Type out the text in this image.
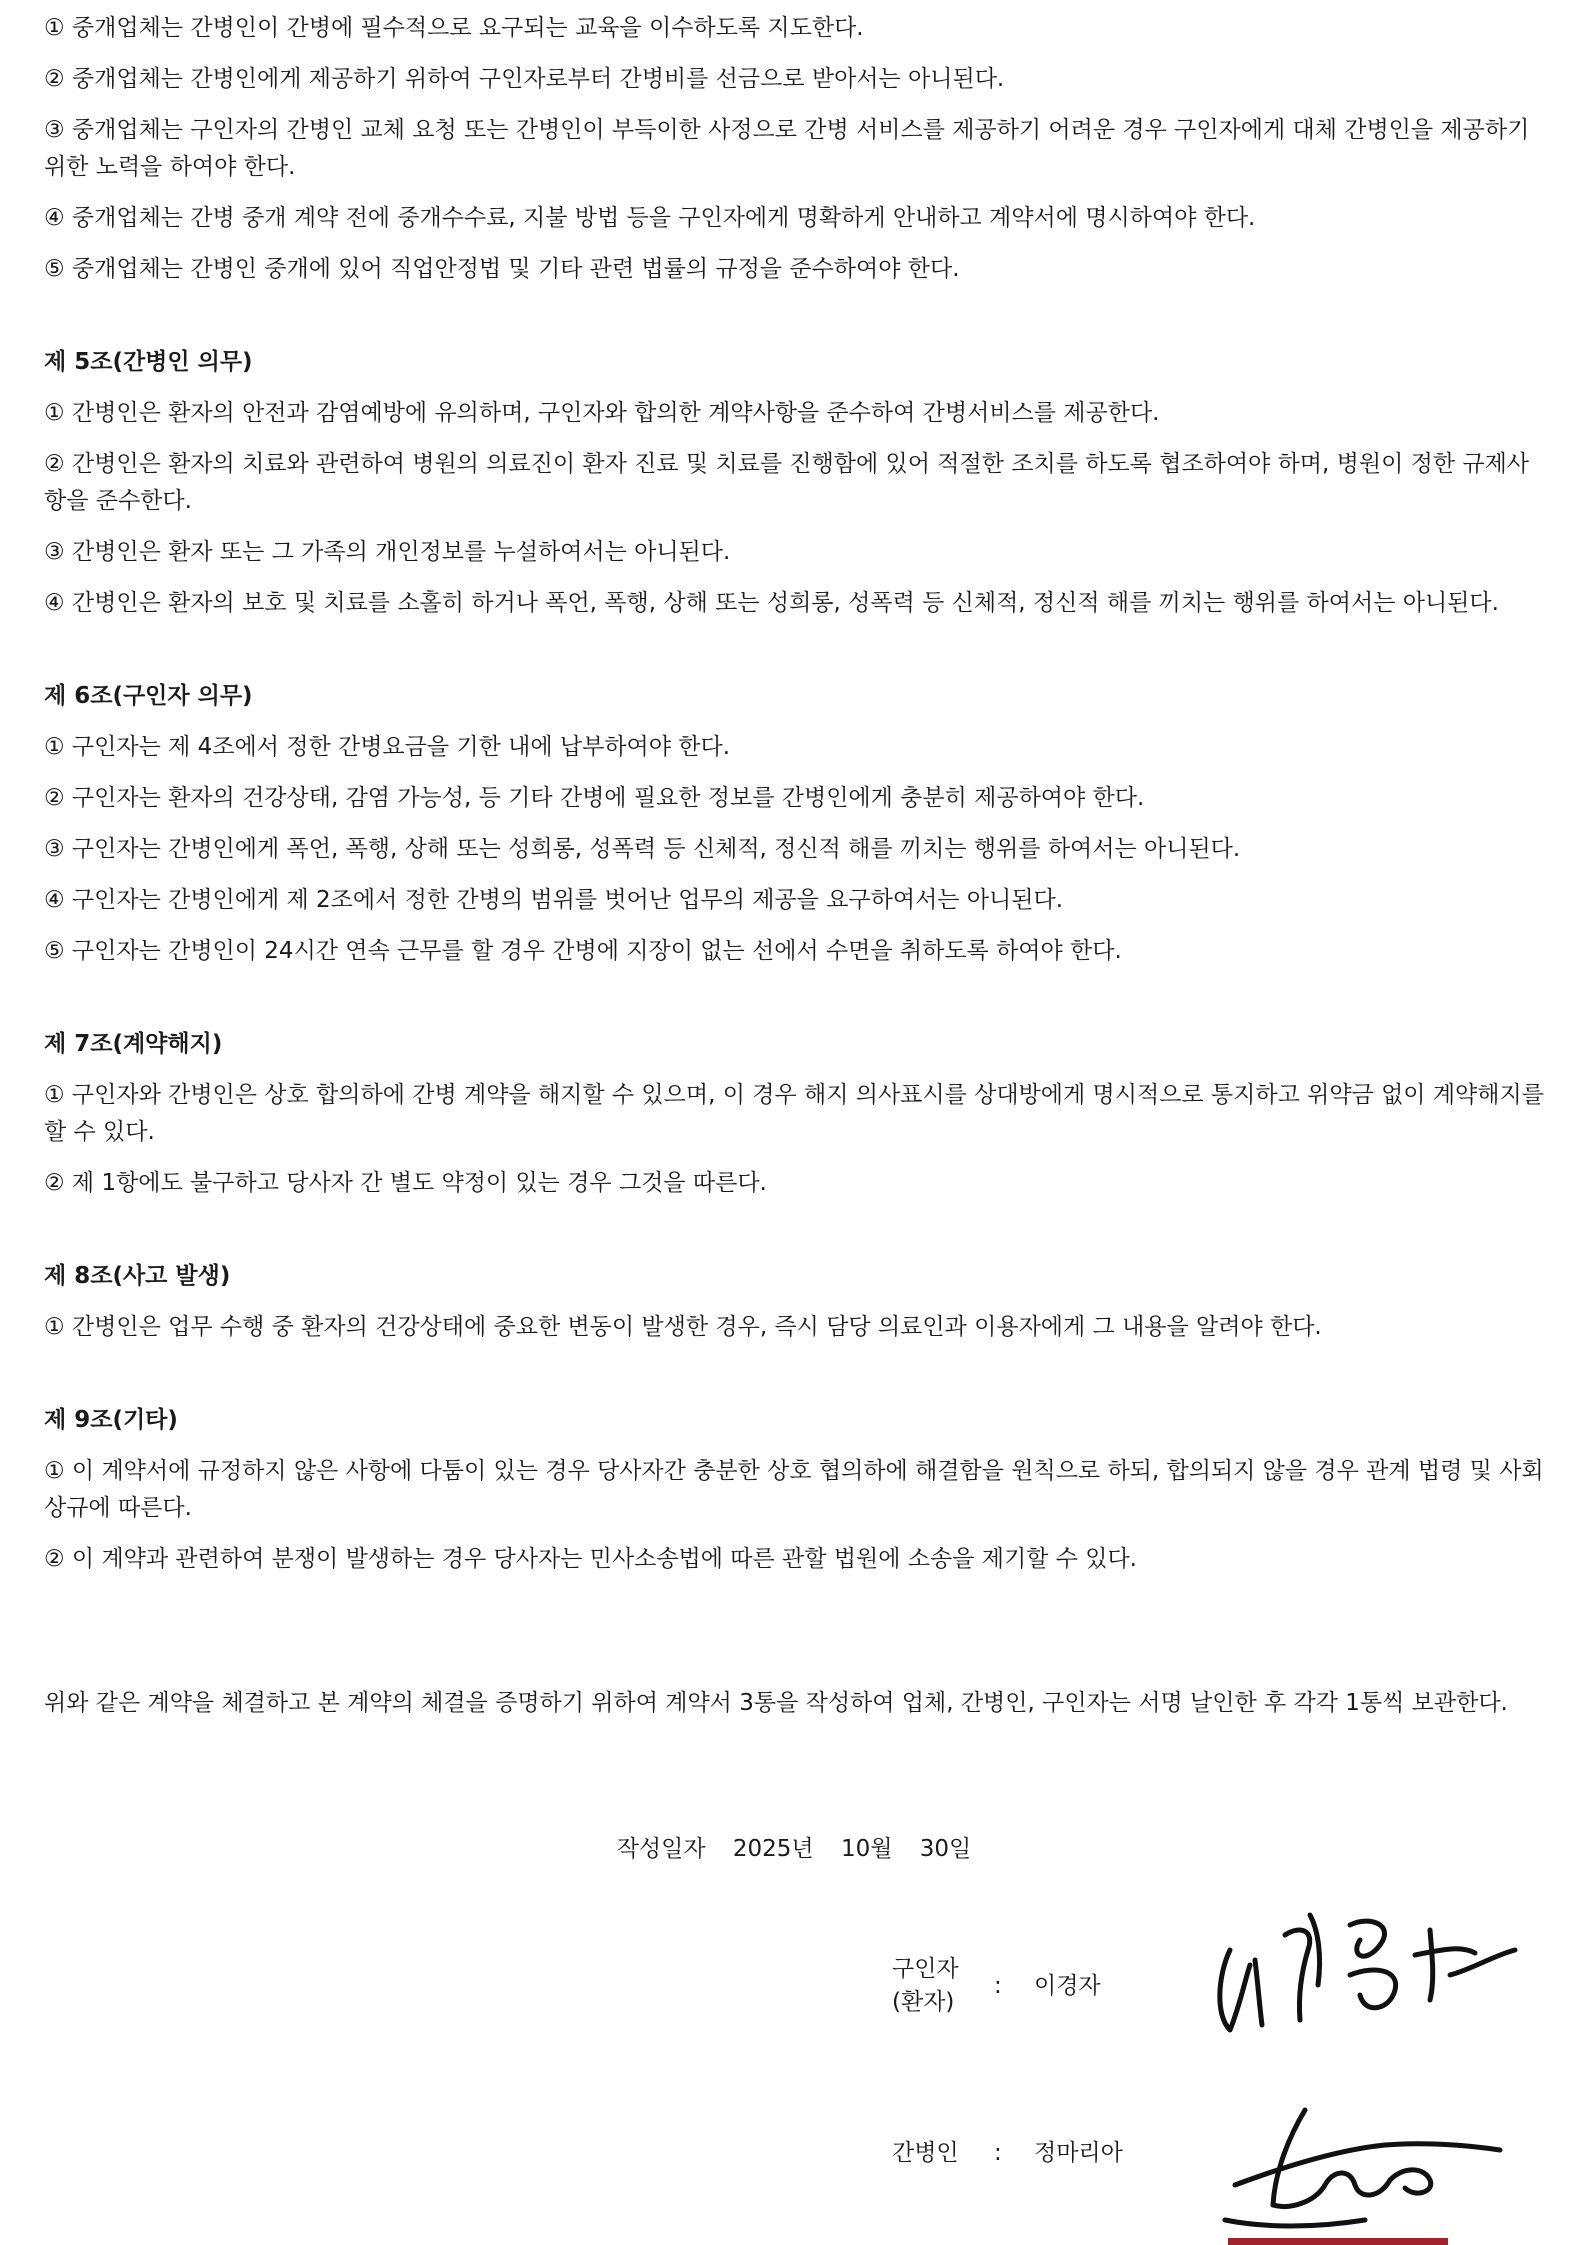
① 중개업체는 간병인이 간병에 필수적으로 요구되는 교육을 이수하도록 지도한다.

② 중개업체는 간병인에게 제공하기 위하여 구인자로부터 간병비를 선금으로 받아서는 아니된다.

③ 중개업체는 구인자의 간병인 교체 요청 또는 간병인이 부득이한 사정으로 간병 서비스를 제공하기 어려운 경우 구인자에게 대체 간병인을 제공하기 위한 노력을 하여야 한다.

④ 중개업체는 간병 중개 계약 전에 중개수수료, 지불 방법 등을 구인자에게 명확하게 안내하고 계약서에 명시하여야 한다.

⑤ 중개업체는 간병인 중개에 있어 직업안정법 및 기타 관련 법률의 규정을 준수하여야 한다.

제 5조(간병인 의무)

① 간병인은 환자의 안전과 감염예방에 유의하며, 구인자와 합의한 계약사항을 준수하여 간병서비스를 제공한다.

② 간병인은 환자의 치료와 관련하여 병원의 의료진이 환자 진료 및 치료를 진행함에 있어 적절한 조치를 하도록 협조하여야 하며, 병원이 정한 규제사항을 준수한다.

③ 간병인은 환자 또는 그 가족의 개인정보를 누설하여서는 아니된다.

④ 간병인은 환자의 보호 및 치료를 소홀히 하거나 폭언, 폭행, 상해 또는 성희롱, 성폭력 등 신체적, 정신적 해를 끼치는 행위를 하여서는 아니된다.

제 6조(구인자 의무)

① 구인자는 제 4조에서 정한 간병요금을 기한 내에 납부하여야 한다.

② 구인자는 환자의 건강상태, 감염 가능성, 등 기타 간병에 필요한 정보를 간병인에게 충분히 제공하여야 한다.

③ 구인자는 간병인에게 폭언, 폭행, 상해 또는 성희롱, 성폭력 등 신체적, 정신적 해를 끼치는 행위를 하여서는 아니된다.

④ 구인자는 간병인에게 제 2조에서 정한 간병의 범위를 벗어난 업무의 제공을 요구하여서는 아니된다.

⑤ 구인자는 간병인이 24시간 연속 근무를 할 경우 간병에 지장이 없는 선에서 수면을 취하도록 하여야 한다.

제 7조(계약해지)

① 구인자와 간병인은 상호 합의하에 간병 계약을 해지할 수 있으며, 이 경우 해지 의사표시를 상대방에게 명시적으로 통지하고 위약금 없이 계약해지를 할 수 있다.

② 제 1항에도 불구하고 당사자 간 별도 약정이 있는 경우 그것을 따른다.

제 8조(사고 발생)

① 간병인은 업무 수행 중 환자의 건강상태에 중요한 변동이 발생한 경우, 즉시 담당 의료인과 이용자에게 그 내용을 알려야 한다.

제 9조(기타)

① 이 계약서에 규정하지 않은 사항에 다툼이 있는 경우 당사자간 충분한 상호 협의하에 해결함을 원칙으로 하되, 합의되지 않을 경우 관계 법령 및 사회상규에 따른다.

② 이 계약과 관련하여 분쟁이 발생하는 경우 당사자는 민사소송법에 따른 관할 법원에 소송을 제기할 수 있다.

위와 같은 계약을 체결하고 본 계약의 체결을 증명하기 위하여 계약서 3통을 작성하여 업체, 간병인, 구인자는 서명 날인한 후 각각 1통씩 보관한다.

작성일자 2025년 10월 30일
구인자
(환자)
: 이경자
간병인 : 정마리아
